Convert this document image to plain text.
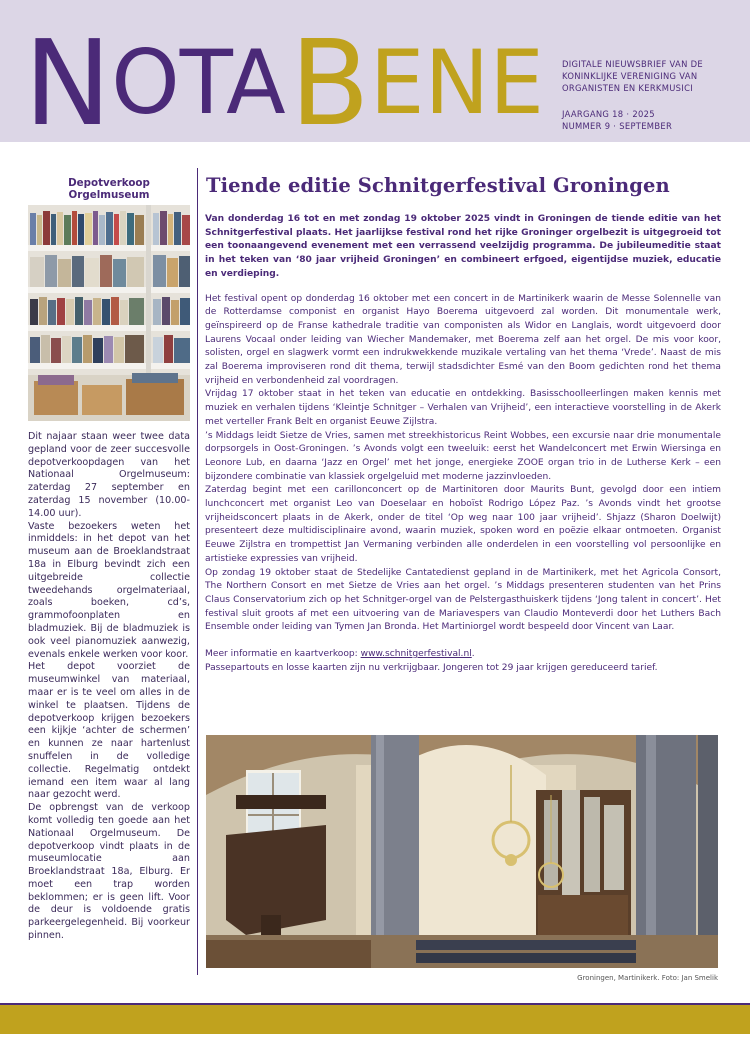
NOTA BENE DIGITALE NIEUWSBRIEF VAN DE KONINKLIJKE VERENIGING VAN ORGANISTEN EN KERKMUSICI

JAARGANG 18 · 2025

NUMMER 9 · SEPTEMBER

Depotverkoop Orgelmuseum

Dit najaar staan weer twee data gepland voor de zeer succesvolle depotverkoopdagen van het Nationaal Orgelmuseum: zaterdag 27 september en zaterdag 15 november (10.00-14.00 uur).

Vaste bezoekers weten het inmiddels: in het depot van het museum aan de Broeklandstraat 18a in Elburg bevindt zich een uitgebreide collectie tweedehands orgelmateriaal, zoals boeken, cd’s, grammofoonplaten en bladmuziek. Bij de bladmuziek is ook veel pianomuziek aanwezig, evenals enkele werken voor koor.

Het depot voorziet de museumwinkel van materiaal, maar er is te veel om alles in de winkel te plaatsen. Tijdens de depotverkoop krijgen bezoekers een kijkje ‘achter de schermen’ en kunnen ze naar hartenlust snuffelen in de volledige collectie. Regelmatig ontdekt iemand een item waar al lang naar gezocht werd.

De opbrengst van de verkoop komt volledig ten goede aan het Nationaal Orgelmuseum. De depotverkoop vindt plaats in de museumlocatie aan Broeklandstraat 18a, Elburg. Er moet een trap worden beklommen; er is geen lift. Voor de deur is voldoende gratis parkeergelegenheid. Bij voorkeur pinnen.

Tiende editie Schnitgerfestival Groningen

Van donderdag 16 tot en met zondag 19 oktober 2025 vindt in Groningen de tiende editie van het Schnitgerfestival plaats. Het jaarlijkse festival rond het rijke Groninger orgelbezit is uitgegroeid tot een toonaangevend evenement met een verrassend veelzijdig programma. De jubileumeditie staat in het teken van ‘80 jaar vrijheid Groningen’ en combineert erfgoed, eigentijdse muziek, educatie en verdieping.

Het festival opent op donderdag 16 oktober met een concert in de Martinikerk waarin de Messe Solennelle van de Rotterdamse componist en organist Hayo Boerema uitgevoerd zal worden. Dit monumentale werk, geïnspireerd op de Franse kathedrale traditie van componisten als Widor en Langlais, wordt uitgevoerd door Laurens Vocaal onder leiding van Wiecher Mandemaker, met Boerema zelf aan het orgel. De mis voor koor, solisten, orgel en slagwerk vormt een indrukwekkende muzikale vertaling van het thema ‘Vrede’. Naast de mis zal Boerema improviseren rond dit thema, terwijl stadsdichter Esmé van den Boom gedichten rond het thema vrijheid en verbondenheid zal voordragen.

Vrijdag 17 oktober staat in het teken van educatie en ontdekking. Basisschoolleerlingen maken kennis met muziek en verhalen tijdens ‘Kleintje Schnitger – Verhalen van Vrijheid’, een interactieve voorstelling in de Akerk met verteller Frank Belt en organist Eeuwe Zijlstra.

’s Middags leidt Sietze de Vries, samen met streekhistoricus Reint Wobbes, een excursie naar drie monumentale dorpsorgels in Oost-Groningen. ’s Avonds volgt een tweeluik: eerst het Wandelconcert met Erwin Wiersinga en Leonore Lub, en daarna ‘Jazz en Orgel’ met het jonge, energieke ZOOE organ trio in de Lutherse Kerk – een bijzondere combinatie van klassiek orgelgeluid met moderne jazzinvloeden.

Zaterdag begint met een carillonconcert op de Martinitoren door Maurits Bunt, gevolgd door een intiem lunchconcert met organist Leo van Doeselaar en hoboïst Rodrigo López Paz. ’s Avonds vindt het grootse vrijheidsconcert plaats in de Akerk, onder de titel ‘Op weg naar 100 jaar vrijheid’. Shjazz (Sharon Doelwijt) presenteert deze multidisciplinaire avond, waarin muziek, spoken word en poëzie elkaar ontmoeten. Organist Eeuwe Zijlstra en trompettist Jan Vermaning verbinden alle onderdelen in een voorstelling vol persoonlijke en artistieke expressies van vrijheid.

Op zondag 19 oktober staat de Stedelijke Cantatedienst gepland in de Martinikerk, met het Agricola Consort, The Northern Consort en met Sietze de Vries aan het orgel. ’s Middags presenteren studenten van het Prins Claus Conservatorium zich op het Schnitger-orgel van de Pelstergasthuiskerk tijdens ‘Jong talent in concert’. Het festival sluit groots af met een uitvoering van de Mariavespers van Claudio Monteverdi door het Luthers Bach Ensemble onder leiding van Tymen Jan Bronda. Het Martiniorgel wordt bespeeld door Vincent van Laar.

Meer informatie en kaartverkoop: www.schnitgerfestival.nl.

Passepartouts en losse kaarten zijn nu verkrijgbaar. Jongeren tot 29 jaar krijgen gereduceerd tarief.

Groningen, Martinikerk. Foto: Jan Smelik
